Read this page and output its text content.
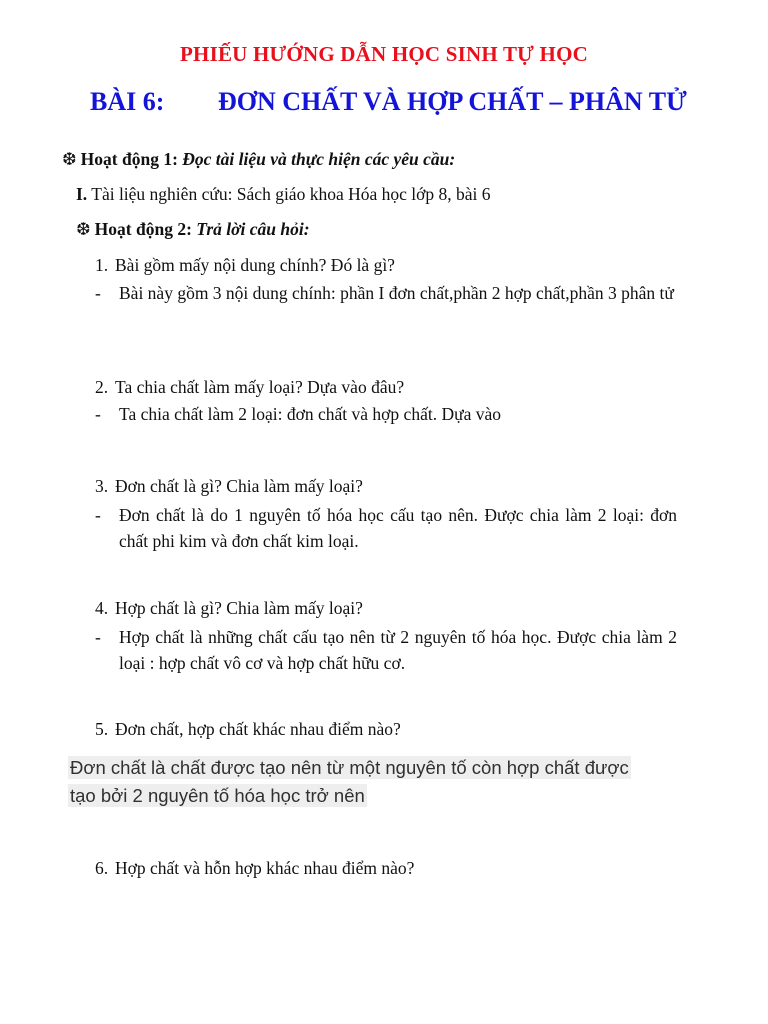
PHIẾU HƯỚNG DẪN HỌC SINH TỰ HỌC
BÀI 6: ĐƠN CHẤT VÀ HỢP CHẤT – PHÂN TỬ
❆ Hoạt động 1: Đọc tài liệu và thực hiện các yêu cầu:
I. Tài liệu nghiên cứu: Sách giáo khoa Hóa học lớp 8, bài 6
❆ Hoạt động 2: Trả lời câu hỏi:
1. Bài gồm mấy nội dung chính? Đó là gì?
- Bài này gồm 3 nội dung chính: phần I đơn chất,phần 2 hợp chất,phần 3 phân tử
2. Ta chia chất làm mấy loại? Dựa vào đâu?
- Ta chia chất làm 2 loại: đơn chất và hợp chất. Dựa vào
3. Đơn chất là gì? Chia làm mấy loại?
- Đơn chất là do 1 nguyên tố hóa học cấu tạo nên. Được chia làm 2 loại: đơn chất phi kim và đơn chất kim loại.
4. Hợp chất là gì? Chia làm mấy loại?
- Hợp chất là những chất cấu tạo nên từ 2 nguyên tố hóa học. Được chia làm 2 loại : hợp chất vô cơ và hợp chất hữu cơ.
5. Đơn chất, hợp chất khác nhau điểm nào?
Đơn chất là chất được tạo nên từ một nguyên tố còn hợp chất được
tạo bởi 2 nguyên tố hóa học trở nên
6. Hợp chất và hỗn hợp khác nhau điểm nào?
